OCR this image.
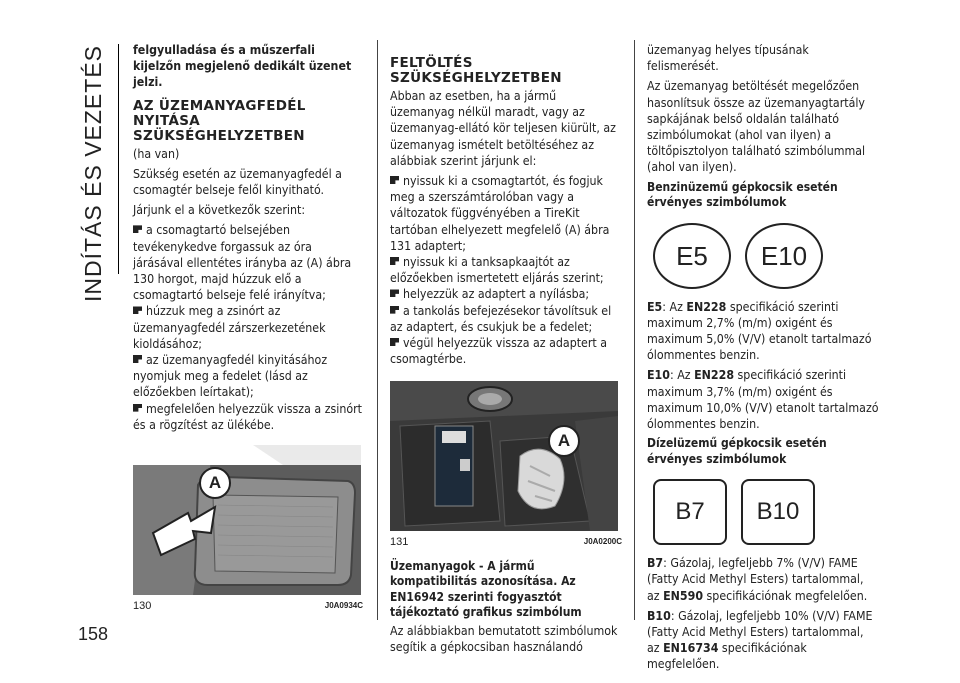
INDÍTÁS ÉS VEZETÉS
158

felgyulladása és a műszerfali kijelzőn megjelenő dedikált üzenet jelzi.

AZ ÜZEMANYAGFEDÉL NYITÁSA SZÜKSÉGHELYZETBEN

(ha van)

Szükség esetén az üzemanyagfedél a csomagtér belseje felől kinyitható.

Járjunk el a következők szerint:

a csomagtartó belsejében tevékenykedve forgassuk az óra járásával ellentétes irányba az (A) ábra 130 horgot, majd húzzuk elő a csomagtartó belseje felé irányítva;
húzzuk meg a zsinórt az üzemanyagfedél zárszerkezetének kioldásához;
az üzemanyagfedél kinyitásához nyomjuk meg a fedelet (lásd az előzőekben leírtakat);
megfelelően helyezzük vissza a zsinórt és a rögzítést az ülékébe.
A
130	J0A0934C
FELTÖLTÉS SZÜKSÉGHELYZETBEN

Abban az esetben, ha a jármű üzemanyag nélkül maradt, vagy az üzemanyag-ellátó kör teljesen kiürült, az üzemanyag ismételt betöltéséhez az alábbiak szerint járjunk el:

nyissuk ki a csomagtartót, és fogjuk meg a szerszámtárolóban vagy a változatok függvényében a TireKit tartóban elhelyezett megfelelő (A) ábra 131 adaptert;
nyissuk ki a tanksapkaajtót az előzőekben ismertetett eljárás szerint;
helyezzük az adaptert a nyílásba;
a tankolás befejezésekor távolítsuk el az adaptert, és csukjuk be a fedelet;
végül helyezzük vissza az adaptert a csomagtérbe.
A
131	J0A0200C
Üzemanyagok - A jármű kompatibilitás azonosítása. Az EN16942 szerinti fogyasztót tájékoztató grafikus szimbólum

Az alábbiakban bemutatott szimbólumok segítik a gépkocsiban használandó

üzemanyag helyes típusának felismerését.

Az üzemanyag betöltését megelőzően hasonlítsuk össze az üzemanyagtartály sapkájának belső oldalán található szimbólumokat (ahol van ilyen) a töltőpisztolyon található szimbólummal (ahol van ilyen).

Benzinüzemű gépkocsik esetén érvényes szimbólumok
E5	E10

E5: Az EN228 specifikáció szerinti maximum 2,7% (m/m) oxigént és maximum 5,0% (V/V) etanolt tartalmazó ólommentes benzin.

E10: Az EN228 specifikáció szerinti maximum 3,7% (m/m) oxigént és maximum 10,0% (V/V) etanolt tartalmazó ólommentes benzin.

Dízelüzemű gépkocsik esetén érvényes szimbólumok
B7	B10

B7: Gázolaj, legfeljebb 7% (V/V) FAME (Fatty Acid Methyl Esters) tartalommal, az EN590 specifikációnak megfelelően.

B10: Gázolaj, legfeljebb 10% (V/V) FAME (Fatty Acid Methyl Esters) tartalommal, az EN16734 specifikációnak megfelelően.
